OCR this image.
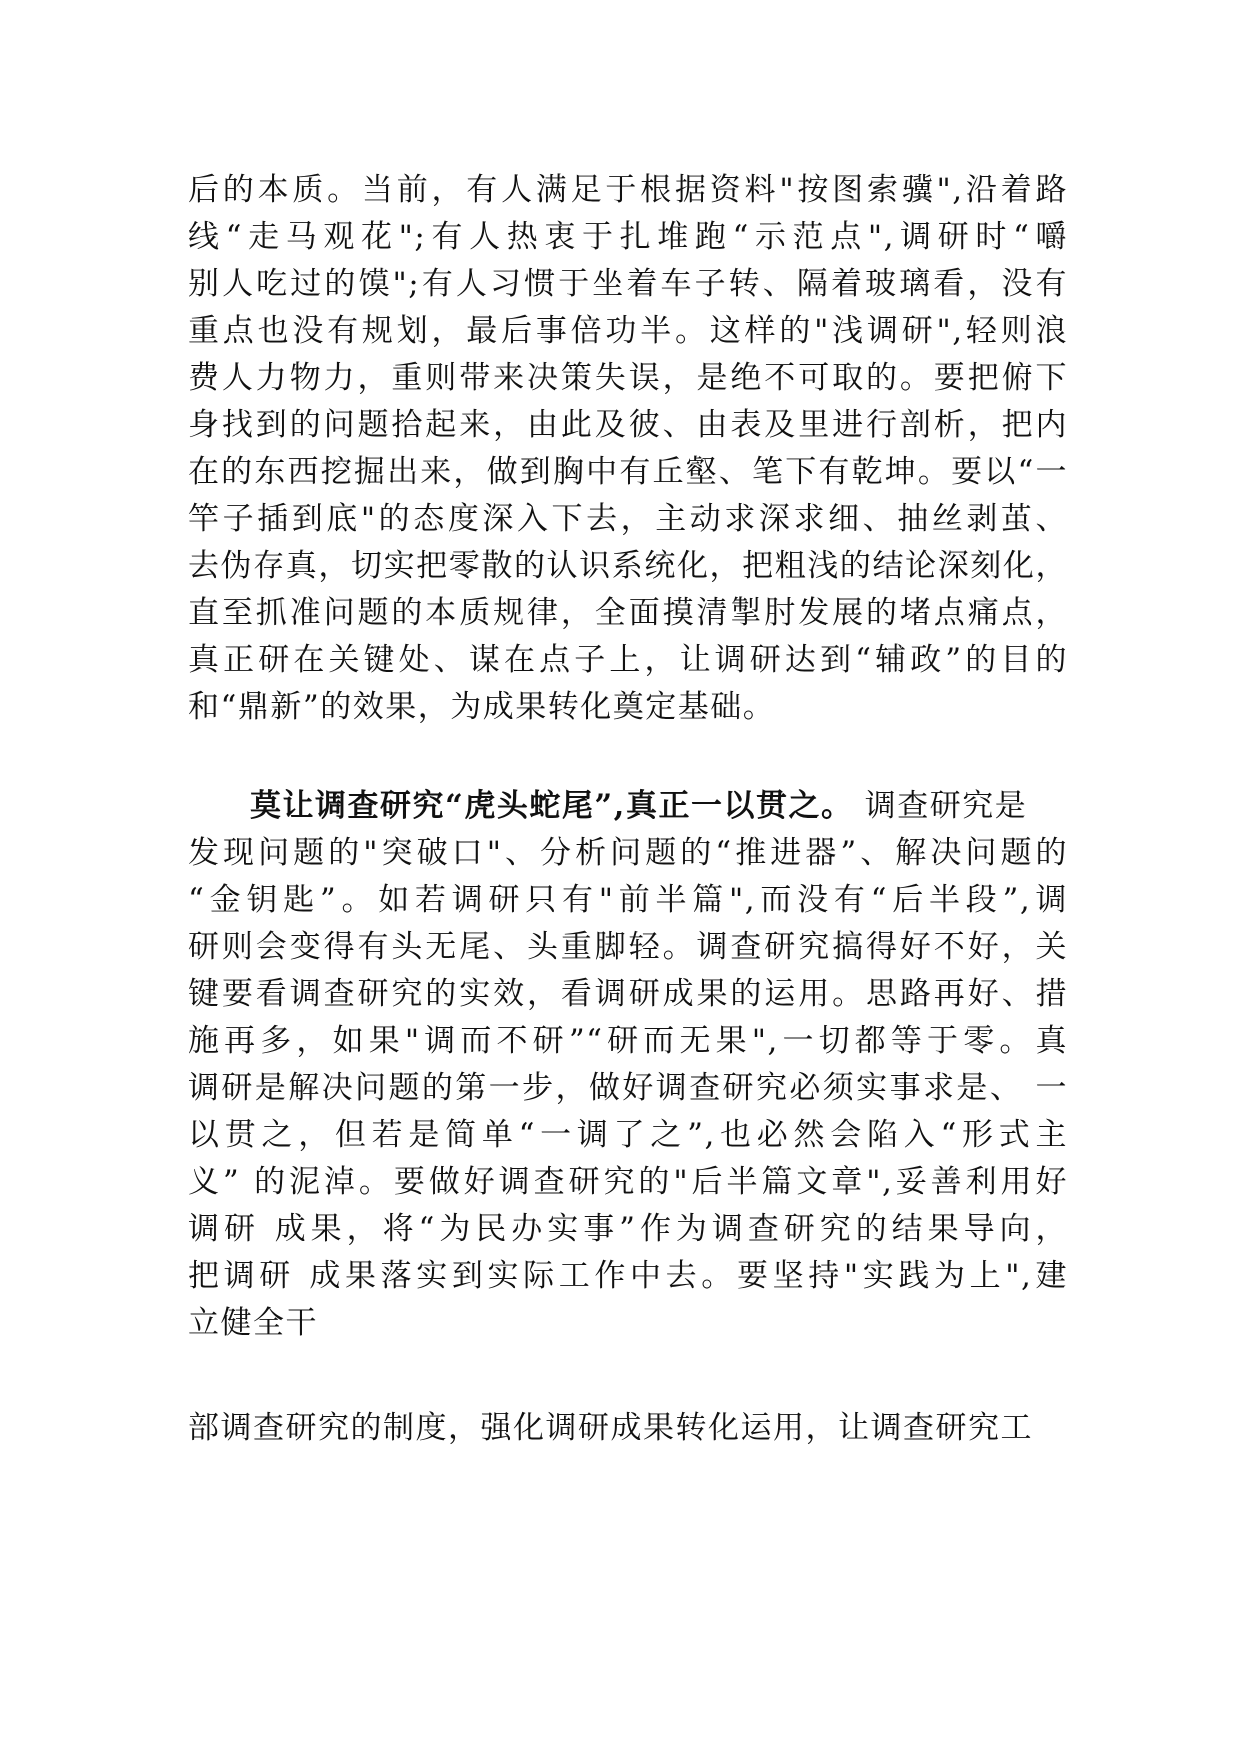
后的本质。当前，有人满足于根据资料"按图索骥",沿着路
线“走马观花";有人热衷于扎堆跑“示范点",调研时“嚼
别人吃过的馍";有人习惯于坐着车子转、隔着玻璃看，没有
重点也没有规划，最后事倍功半。这样的"浅调研",轻则浪
费人力物力，重则带来决策失误，是绝不可取的。要把俯下
身找到的问题拾起来，由此及彼、由表及里进行剖析，把内
在的东西挖掘出来，做到胸中有丘壑、笔下有乾坤。要以“一
竿子插到底"的态度深入下去，主动求深求细、抽丝剥茧、
去伪存真，切实把零散的认识系统化，把粗浅的结论深刻化，
直至抓准问题的本质规律，全面摸清掣肘发展的堵点痛点，
真正研在关键处、谋在点子上，让调研达到“辅政”的目的
和“鼎新”的效果，为成果转化奠定基础。
莫让调查研究“虎头蛇尾”,真正一以贯之。 调查研究是
发现问题的"突破口"、分析问题的“推进器”、解决问题的
“金钥匙”。如若调研只有"前半篇",而没有“后半段”,调
研则会变得有头无尾、头重脚轻。调查研究搞得好不好，关
键要看调查研究的实效，看调研成果的运用。思路再好、措
施再多，如果"调而不研”“研而无果",一切都等于零。真
调研是解决问题的第一步，做好调查研究必须实事求是、 一
以贯之，但若是简单“一调了之”,也必然会陷入“形式主
义” 的泥淖。要做好调查研究的"后半篇文章",妥善利用好
调研 成果，将“为民办实事”作为调查研究的结果导向，
把调研 成果落实到实际工作中去。要坚持"实践为上",建
立健全干
部调查研究的制度，强化调研成果转化运用，让调查研究工
